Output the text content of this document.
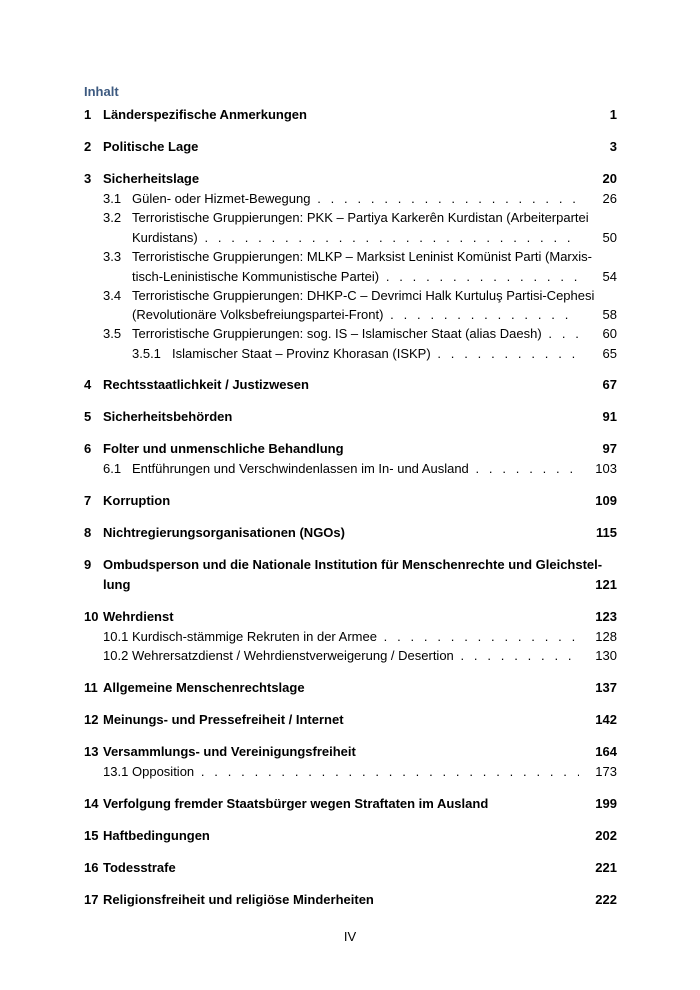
Inhalt
1 Länderspezifische Anmerkungen	1
2 Politische Lage	3
3 Sicherheitslage	20
3.1 Gülen- oder Hizmet-Bewegung . . .	26
3.2 Terroristische Gruppierungen: PKK – Partiya Karkerên Kurdistan (Arbeiterpartei
Kurdistans) . . .	50
3.3 Terroristische Gruppierungen: MLKP – Marksist Leninist Komünist Parti (Marxis-
tisch-Leninistische Kommunistische Partei) . . .	54
3.4 Terroristische Gruppierungen: DHKP-C – Devrimci Halk Kurtuluş Partisi-Cephesi
(Revolutionäre Volksbefreiungspartei-Front) . . .	58
3.5 Terroristische Gruppierungen: sog. IS – Islamischer Staat (alias Daesh) . . .	60
3.5.1 Islamischer Staat – Provinz Khorasan (ISKP) . . .	65
4 Rechtsstaatlichkeit / Justizwesen	67
5 Sicherheitsbehörden	91
6 Folter und unmenschliche Behandlung	97
6.1 Entführungen und Verschwindenlassen im In- und Ausland . . .	103
7 Korruption	109
8 Nichtregierungsorganisationen (NGOs)	115
9 Ombudsperson und die Nationale Institution für Menschenrechte und Gleichstel-
lung	121
10 Wehrdienst	123
10.1 Kurdisch-stämmige Rekruten in der Armee . . .	128
10.2 Wehrersatzdienst / Wehrdienstverweigerung / Desertion . . .	130
11 Allgemeine Menschenrechtslage	137
12 Meinungs- und Pressefreiheit / Internet	142
13 Versammlungs- und Vereinigungsfreiheit	164
13.1 Opposition . . .	173
14 Verfolgung fremder Staatsbürger wegen Straftaten im Ausland	199
15 Haftbedingungen	202
16 Todesstrafe	221
17 Religionsfreiheit und religiöse Minderheiten	222
IV
